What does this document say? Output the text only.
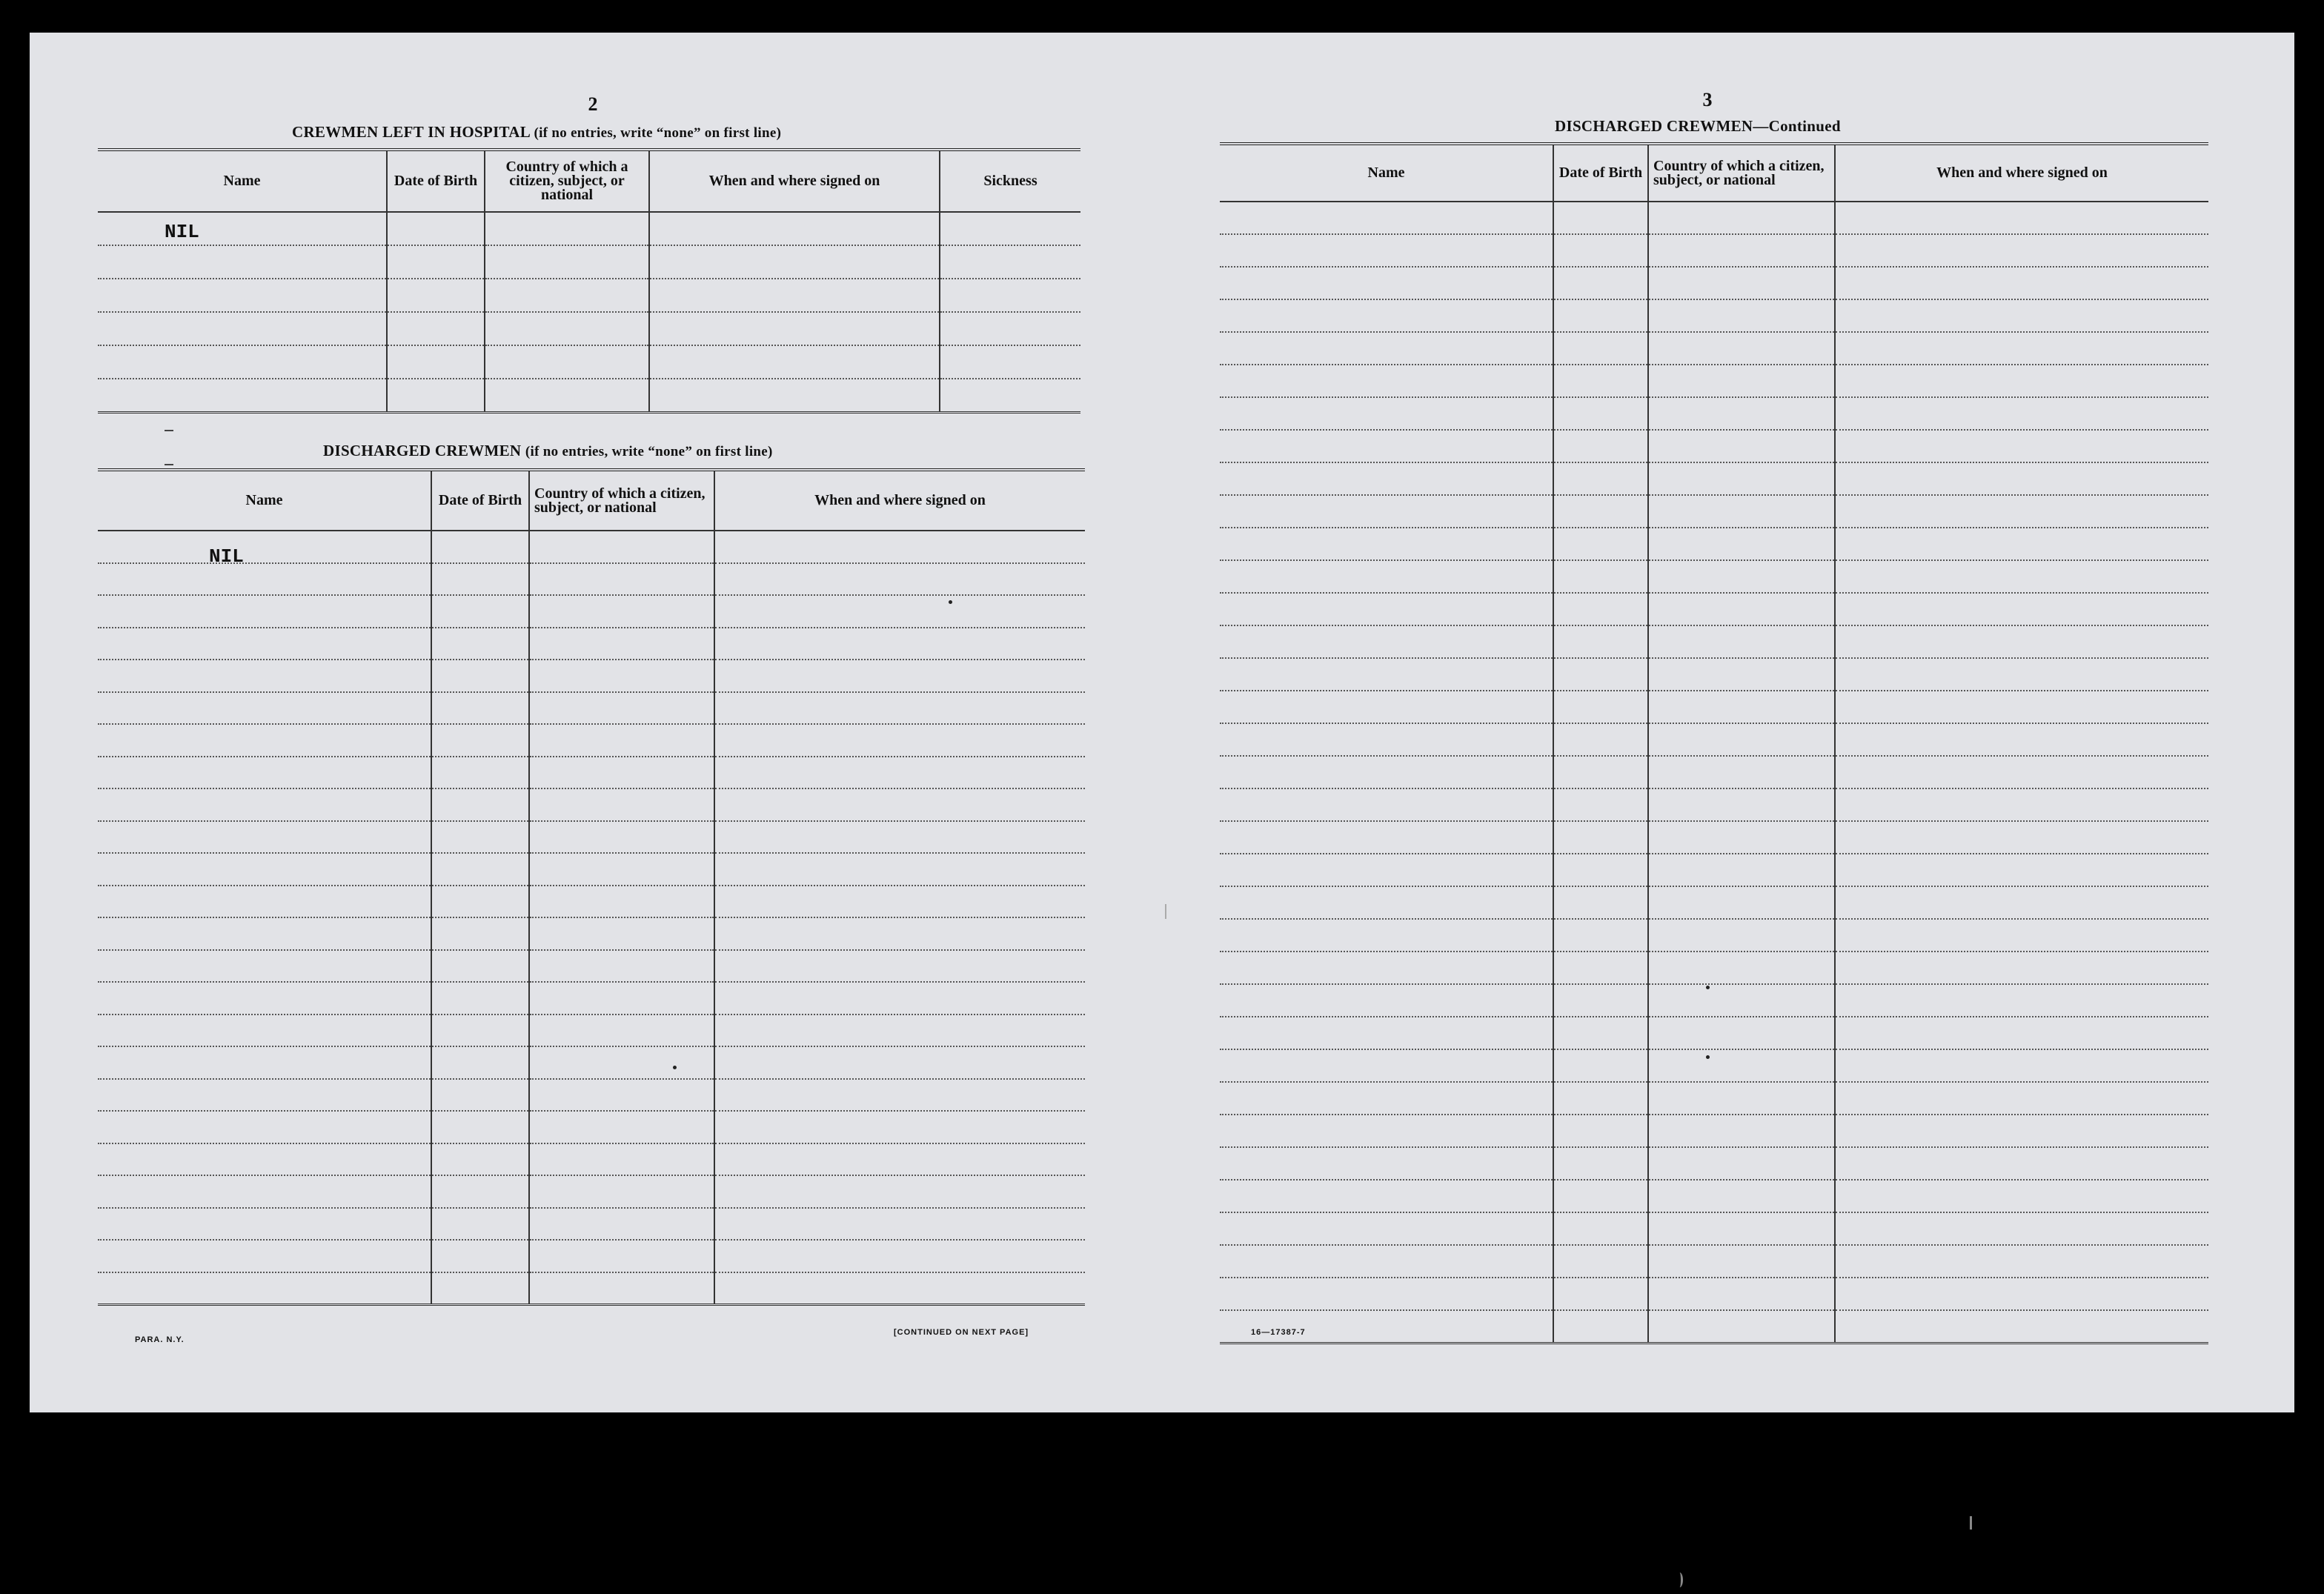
2
CREWMEN LEFT IN HOSPITAL (if no entries, write “none” on first line)
Name	Date of Birth	Country of which a citizen, subject, or national	When and where signed on	Sickness

NIL
DISCHARGED CREWMEN (if no entries, write “none” on first line)
Name	Date of Birth	Country of which a citizen, subject, or national	When and where signed on

NIL
PARA. N.Y.
[CONTINUED ON NEXT PAGE]
3
DISCHARGED CREWMEN—Continued
Name	Date of Birth	Country of which a citizen, subject, or national	When and where signed on

16—17387-7
